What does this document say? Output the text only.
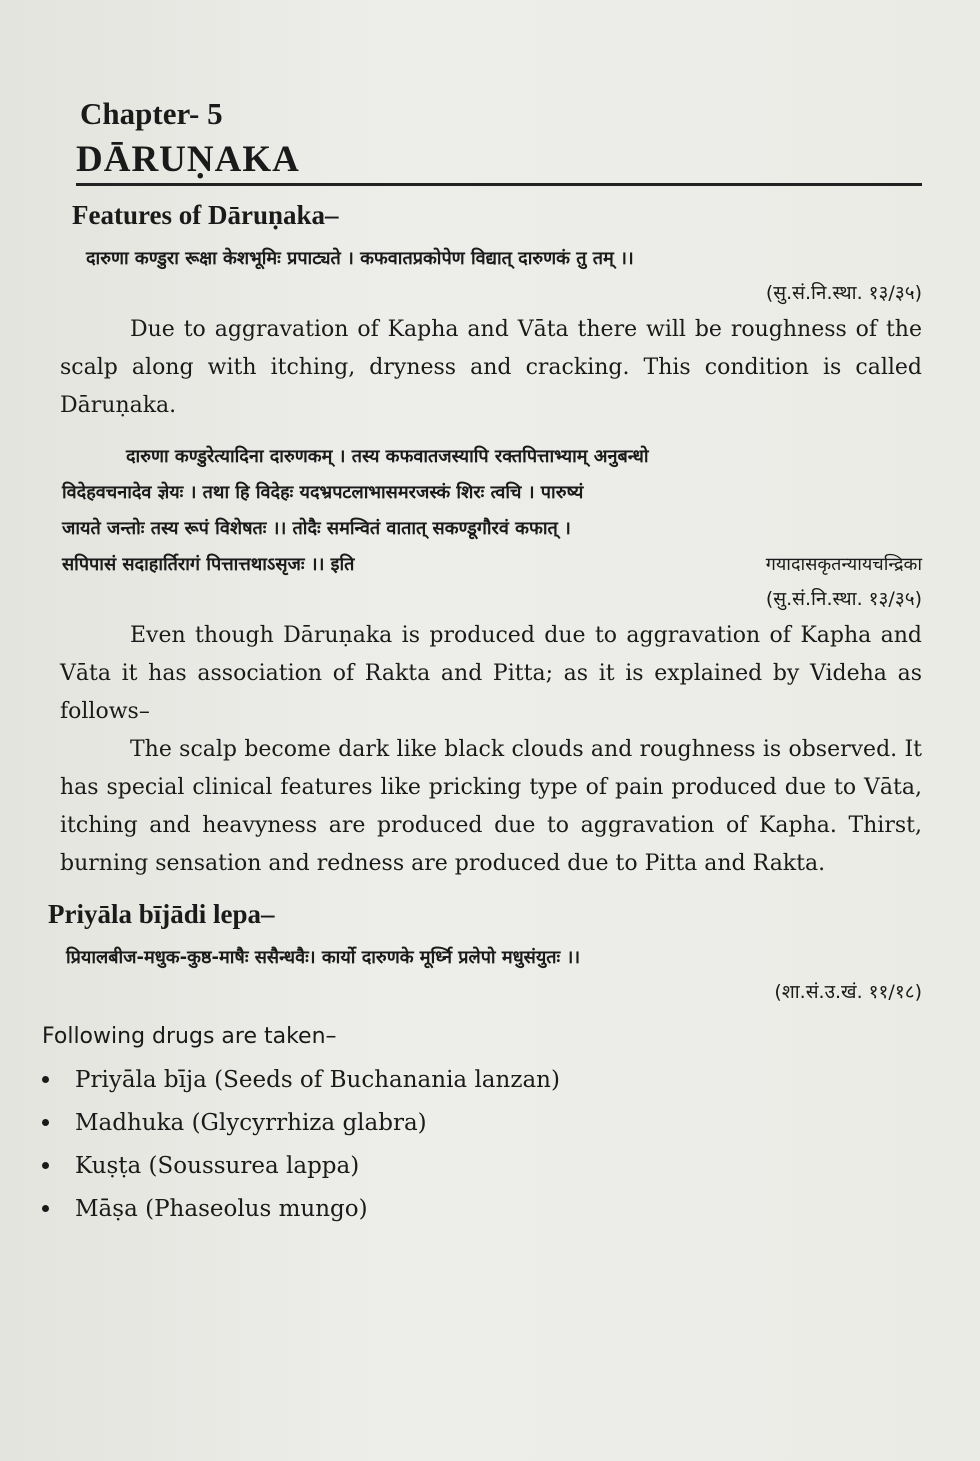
Chapter- 5
DĀRUṆAKA
Features of Dāruṇaka–
दारुणा कण्डुरा रूक्षा केशभूमिः प्रपाट्यते । कफवातप्रकोपेण विद्यात् दारुणकं तु तम् ।।
(सु.सं.नि.स्था. १३/३५)

Due to aggravation of Kapha and Vāta there will be roughness of the scalp along with itching, dryness and cracking. This condition is called Dāruṇaka.

दारुणा कण्डुरेत्यादिना दारुणकम् । तस्य कफवातजस्यापि रक्तपित्ताभ्याम् अनुबन्धो
विदेहवचनादेव ज्ञेयः । तथा हि विदेहः यदभ्रपटलाभासमरजस्कं शिरः त्वचि । पारुष्यं
जायते जन्तोः तस्य रूपं विशेषतः ।। तोदैः समन्वितं वातात् सकण्डूगौरवं कफात् ।
सपिपासं सदाहार्तिरागं पित्तात्तथाऽसृजः ।। इति	गयादासकृतन्यायचन्द्रिका
(सु.सं.नि.स्था. १३/३५)

Even though Dāruṇaka is produced due to aggravation of Kapha and Vāta it has association of Rakta and Pitta; as it is explained by Videha as follows–

The scalp become dark like black clouds and roughness is observed. It has special clinical features like pricking type of pain produced due to Vāta, itching and heavyness are produced due to aggravation of Kapha. Thirst, burning sensation and redness are produced due to Pitta and Rakta.

Priyāla bījādi lepa–
प्रियालबीज-मधुक-कुष्ठ-माषैः ससैन्धवैः। कार्यो दारुणके मूर्ध्नि प्रलेपो मधुसंयुतः ।।
(शा.सं.उ.खं. ११/१८)
Following drugs are taken–
Priyāla bīja (Seeds of Buchanania lanzan)
Madhuka (Glycyrrhiza glabra)
Kuṣṭa (Soussurea lappa)
Māṣa (Phaseolus mungo)
